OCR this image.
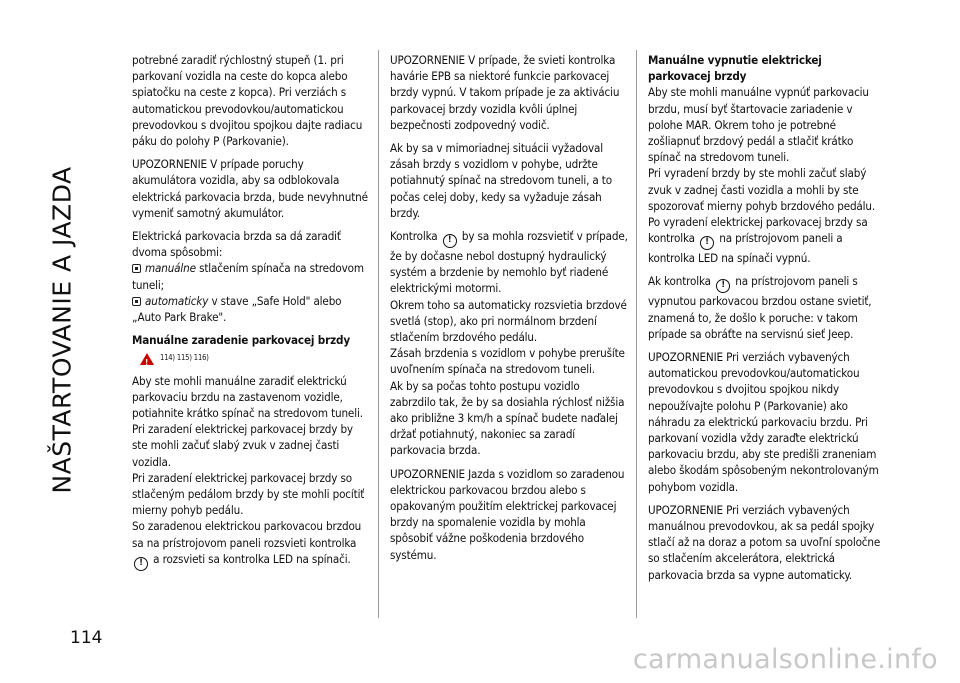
NAŠTARTOVANIE A JAZDA
114

potrebné zaradiť rýchlostný stupeň (1. pri parkovaní vozidla na ceste do kopca alebo spiatočku na ceste z kopca). Pri verziách s automatickou prevodovkou/automatickou prevodovkou s dvojitou spojkou dajte radiacu páku do polohy P (Parkovanie).

UPOZORNENIE V prípade poruchy akumulátora vozidla, aby sa odblokovala elektrická parkovacia brzda, bude nevyhnutné vymeniť samotný akumulátor.

Elektrická parkovacia brzda sa dá zaradiť dvoma spôsobmi:

manuálne stlačením spínača na stredovom tuneli;
automaticky v stave „Safe Hold" alebo „Auto Park Brake".
Manuálne zaradenie parkovacej brzdy
!
114) 115) 116)

Aby ste mohli manuálne zaradiť elektrickú parkovaciu brzdu na zastavenom vozidle, potiahnite krátko spínač na stredovom tuneli.

Pri zaradení elektrickej parkovacej brzdy by ste mohli začuť slabý zvuk v zadnej časti vozidla.

Pri zaradení elektrickej parkovacej brzdy so stlačeným pedálom brzdy by ste mohli pocítiť mierny pohyb pedálu.

So zaradenou elektrickou parkovacou brzdou sa na prístrojovom paneli rozsvieti kontrolka ! a rozsvieti sa kontrolka LED na spínači.

UPOZORNENIE V prípade, že svieti kontrolka havárie EPB sa niektoré funkcie parkovacej brzdy vypnú. V takom prípade je za aktiváciu parkovacej brzdy vozidla kvôli úplnej bezpečnosti zodpovedný vodič.

Ak by sa v mimoriadnej situácii vyžadoval zásah brzdy s vozidlom v pohybe, udržte potiahnutý spínač na stredovom tuneli, a to počas celej doby, kedy sa vyžaduje zásah brzdy.

Kontrolka ! by sa mohla rozsvietiť v prípade, že by dočasne nebol dostupný hydraulický systém a brzdenie by nemohlo byť riadené elektrickými motormi.

Okrem toho sa automaticky rozsvietia brzdové svetlá (stop), ako pri normálnom brzdení stlačením brzdového pedálu.

Zásah brzdenia s vozidlom v pohybe prerušíte uvoľnením spínača na stredovom tuneli.

Ak by sa počas tohto postupu vozidlo zabrzdilo tak, že by sa dosiahla rýchlosť nižšia ako približne 3 km/h a spínač budete naďalej držať potiahnutý, nakoniec sa zaradí parkovacia brzda.

UPOZORNENIE Jazda s vozidlom so zaradenou elektrickou parkovacou brzdou alebo s opakovaným použitím elektrickej parkovacej brzdy na spomalenie vozidla by mohla spôsobiť vážne poškodenia brzdového systému.

Manuálne vypnutie elektrickej parkovacej brzdy

Aby ste mohli manuálne vypnúť parkovaciu brzdu, musí byť štartovacie zariadenie v polohe MAR. Okrem toho je potrebné zošliapnuť brzdový pedál a stlačiť krátko spínač na stredovom tuneli.

Pri vyradení brzdy by ste mohli začuť slabý zvuk v zadnej časti vozidla a mohli by ste spozorovať mierny pohyb brzdového pedálu.

Po vyradení elektrickej parkovacej brzdy sa kontrolka ! na prístrojovom paneli a kontrolka LED na spínači vypnú.

Ak kontrolka ! na prístrojovom paneli s vypnutou parkovacou brzdou ostane svietiť, znamená to, že došlo k poruche: v takom prípade sa obráťte na servisnú sieť Jeep.

UPOZORNENIE Pri verziách vybavených automatickou prevodovkou/automatickou prevodovkou s dvojitou spojkou nikdy nepoužívajte polohu P (Parkovanie) ako náhradu za elektrickú parkovaciu brzdu. Pri parkovaní vozidla vždy zaraďte elektrickú parkovaciu brzdu, aby ste predišli zraneniam alebo škodám spôsobeným nekontrolovaným pohybom vozidla.

UPOZORNENIE Pri verziách vybavených manuálnou prevodovkou, ak sa pedál spojky stlačí až na doraz a potom sa uvoľní spoločne so stlačením akcelerátora, elektrická parkovacia brzda sa vypne automaticky.

carmanualsonline.info
